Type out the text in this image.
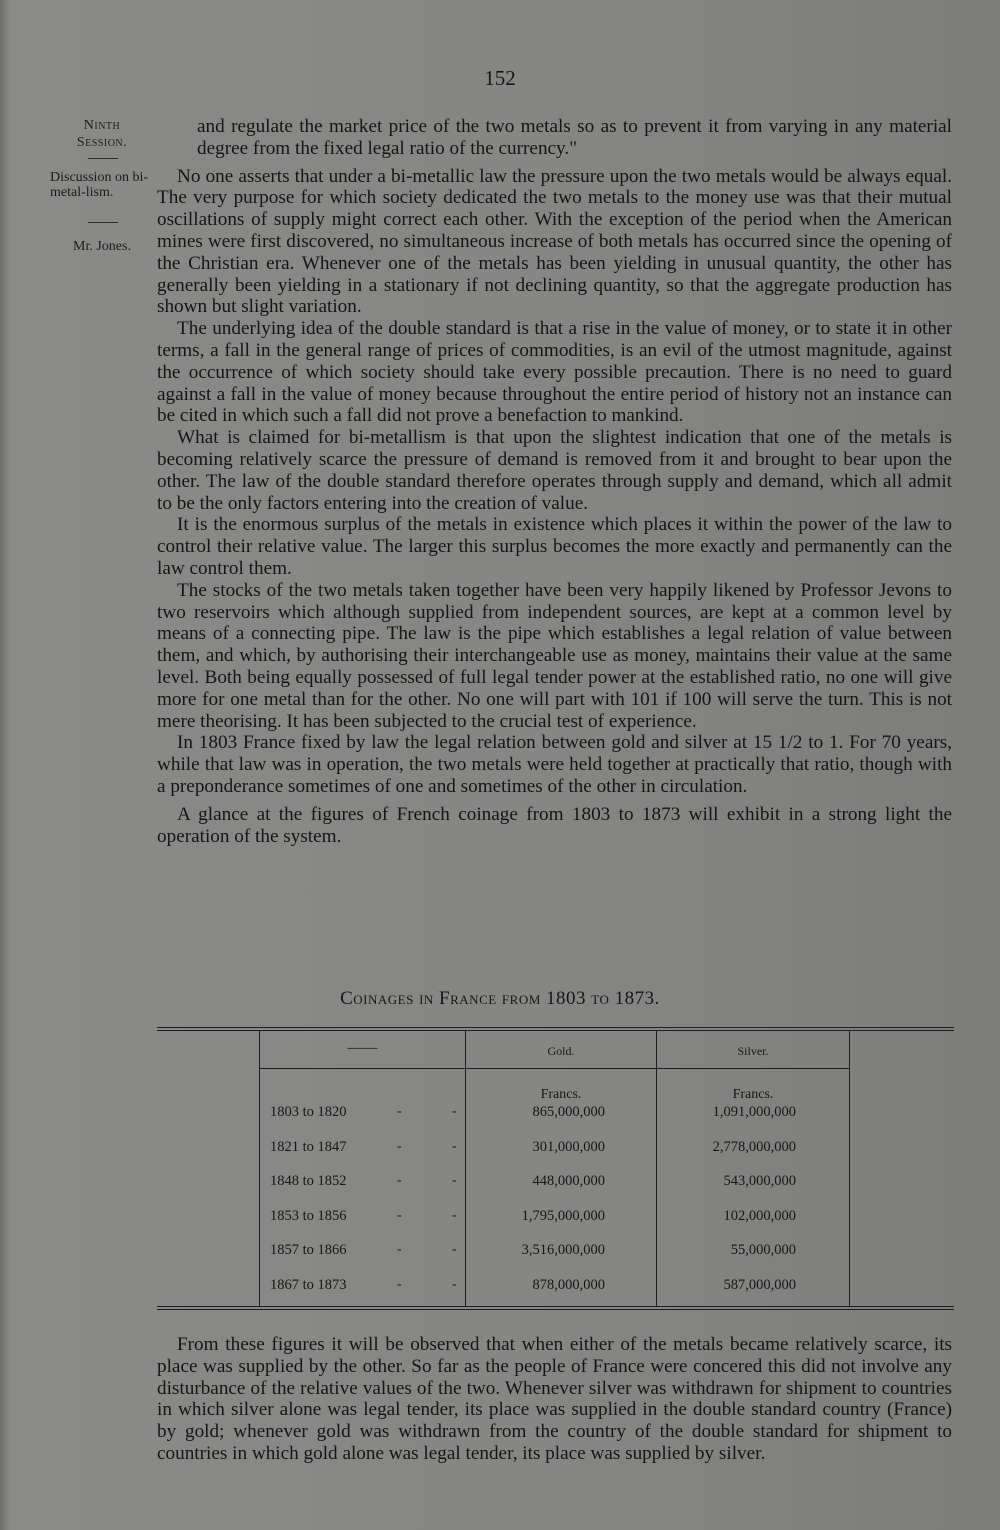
152
Ninth
Session.
Discussion on bi-metal-lism.
Mr. Jones.

and regulate the market price of the two metals so as to prevent it from varying in any material degree from the fixed legal ratio of the currency."

No one asserts that under a bi-metallic law the pressure upon the two metals would be always equal. The very purpose for which society dedicated the two metals to the money use was that their mutual oscillations of supply might correct each other. With the exception of the period when the American mines were first discovered, no simultaneous increase of both metals has occurred since the opening of the Christian era. Whenever one of the metals has been yielding in unusual quantity, the other has generally been yielding in a stationary if not declining quantity, so that the aggregate production has shown but slight variation.

The underlying idea of the double standard is that a rise in the value of money, or to state it in other terms, a fall in the general range of prices of commodities, is an evil of the utmost magnitude, against the occurrence of which society should take every possible precaution. There is no need to guard against a fall in the value of money because throughout the entire period of history not an instance can be cited in which such a fall did not prove a benefaction to mankind.

What is claimed for bi-metallism is that upon the slightest indication that one of the metals is becoming relatively scarce the pressure of demand is removed from it and brought to bear upon the other. The law of the double standard therefore operates through supply and demand, which all admit to be the only factors entering into the creation of value.

It is the enormous surplus of the metals in existence which places it within the power of the law to control their relative value. The larger this surplus becomes the more exactly and permanently can the law control them.

The stocks of the two metals taken together have been very happily likened by Professor Jevons to two reservoirs which although supplied from independent sources, are kept at a common level by means of a connecting pipe. The law is the pipe which establishes a legal relation of value between them, and which, by authorising their interchangeable use as money, maintains their value at the same level. Both being equally possessed of full legal tender power at the established ratio, no one will give more for one metal than for the other. No one will part with 101 if 100 will serve the turn. This is not mere theorising. It has been subjected to the crucial test of experience.

In 1803 France fixed by law the legal relation between gold and silver at 15 1/2 to 1. For 70 years, while that law was in operation, the two metals were held together at practically that ratio, though with a preponderance sometimes of one and sometimes of the other in circulation.

A glance at the figures of French coinage from 1803 to 1873 will exhibit in a strong light the operation of the system.

Coinages in France from 1803 to 1873.
——	Gold.	Silver.
Francs.	Francs.
1803 to 1820	-	-	865,000,000	1,091,000,000
1821 to 1847	-	-	301,000,000	2,778,000,000
1848 to 1852	-	-	448,000,000	543,000,000
1853 to 1856	-	-	1,795,000,000	102,000,000
1857 to 1866	-	-	3,516,000,000	55,000,000
1867 to 1873	-	-	878,000,000	587,000,000

From these figures it will be observed that when either of the metals became relatively scarce, its place was supplied by the other. So far as the people of France were concered this did not involve any disturbance of the relative values of the two. Whenever silver was withdrawn for shipment to countries in which silver alone was legal tender, its place was supplied in the double standard country (France) by gold; whenever gold was withdrawn from the country of the double standard for shipment to countries in which gold alone was legal tender, its place was supplied by silver.
